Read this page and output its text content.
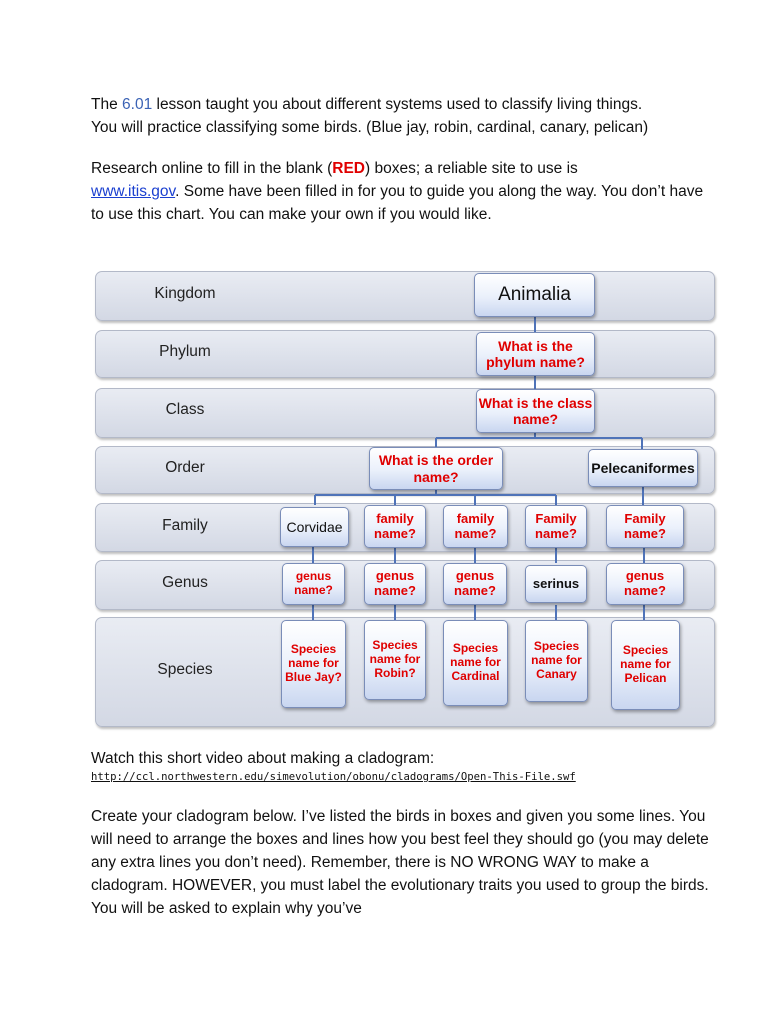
The 6.01 lesson taught you about different systems used to classify living things.
You will practice classifying some birds. (Blue jay, robin, cardinal, canary, pelican)

Research online to fill in the blank (RED) boxes; a reliable site to use is
www.itis.gov. Some have been filled in for you to guide you along the way. You don’t have to use this chart. You can make your own if you would like.

Kingdom
Phylum
Class
Order
Family
Genus
Species
Animalia
What is the phylum name?
What is the class name?
What is the order name?
Pelecaniformes
Corvidae
family name?
family name?
Family name?
Family name?
genus name?
genus name?
genus name?	serinus	genus name?
Species name for Blue Jay?
Species name for Robin?
Species name for Cardinal
Species name for Canary
Species name for Pelican

Watch this short video about making a cladogram:

http://ccl.northwestern.edu/simevolution/obonu/cladograms/Open-This-File.swf

Create your cladogram below. I’ve listed the birds in boxes and given you some lines. You will need to arrange the boxes and lines how you best feel they should go (you may delete any extra lines you don’t need). Remember, there is NO WRONG WAY to make a cladogram. HOWEVER, you must label the evolutionary traits you used to group the birds. You will be asked to explain why you’ve
